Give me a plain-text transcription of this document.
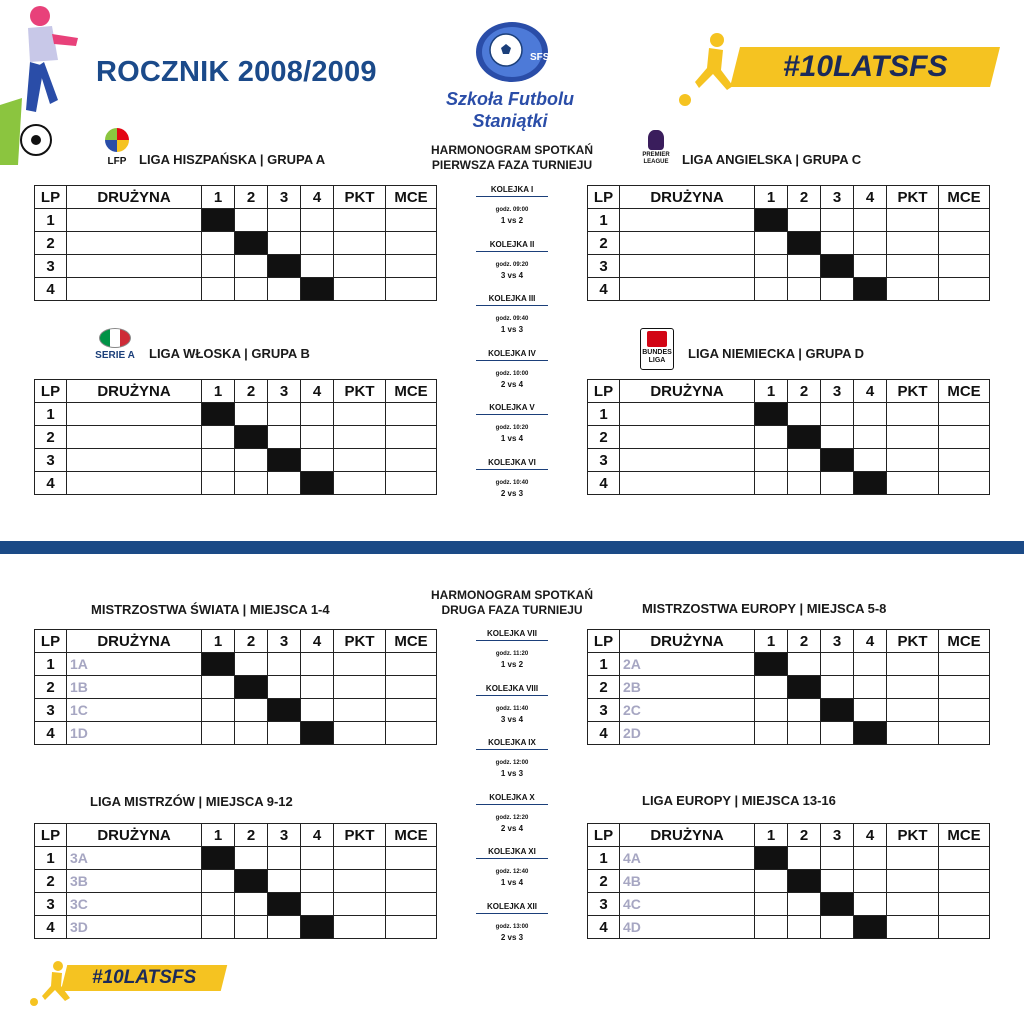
ROCZNIK 2008/2009	SFS
Szkoła Futbolu
Staniątki
#10LATSFS
LFP LIGA HISZPAŃSKA | GRUPA A	PREMIER LEAGUE LIGA ANGIELSKA | GRUPA C
SERIE A	LIGA WŁOSKA | GRUPA B	BUNDES LIGA	LIGA NIEMIECKA | GRUPA D
MISTRZOSTWA ŚWIATA | MIEJSCA 1-4	MISTRZOSTWA EUROPY | MIEJSCA 5-8
LIGA MISTRZÓW | MIEJSCA 9-12	LIGA EUROPY | MIEJSCA 13-16
HARMONOGRAM SPOTKAŃ
PIERWSZA FAZA TURNIEJU
HARMONOGRAM SPOTKAŃ
DRUGA FAZA TURNIEJU
KOLEJKA I
godz. 09:00
1 vs 2
KOLEJKA II
godz. 09:20
3 vs 4
KOLEJKA III
godz. 09:40
1 vs 3
KOLEJKA IV
godz. 10:00
2 vs 4
KOLEJKA V
godz. 10:20
1 vs 4
KOLEJKA VI
godz. 10:40
2 vs 3
KOLEJKA VII
godz. 11:20
1 vs 2
KOLEJKA VIII
godz. 11:40
3 vs 4
KOLEJKA IX
godz. 12:00
1 vs 3
KOLEJKA X
godz. 12:20
2 vs 4
KOLEJKA XI
godz. 12:40
1 vs 4
KOLEJKA XII
godz. 13:00
2 vs 3
LP	DRUŻYNA	1	2	3	4	PKT	MCE
1							
2							
3							
4							
LP	DRUŻYNA	1	2	3	4	PKT	MCE
1							
2							
3							
4							
LP	DRUŻYNA	1	2	3	4	PKT	MCE
1							
2							
3							
4							
LP	DRUŻYNA	1	2	3	4	PKT	MCE
1							
2							
3							
4							
LP	DRUŻYNA	1	2	3	4	PKT	MCE
1	1A						
2	1B						
3	1C						
4	1D						
LP	DRUŻYNA	1	2	3	4	PKT	MCE
1	2A						
2	2B						
3	2C						
4	2D						
LP	DRUŻYNA	1	2	3	4	PKT	MCE
1	3A						
2	3B						
3	3C						
4	3D						
LP	DRUŻYNA	1	2	3	4	PKT	MCE
1	4A						
2	4B						
3	4C						
4	4D						
#10LATSFS
